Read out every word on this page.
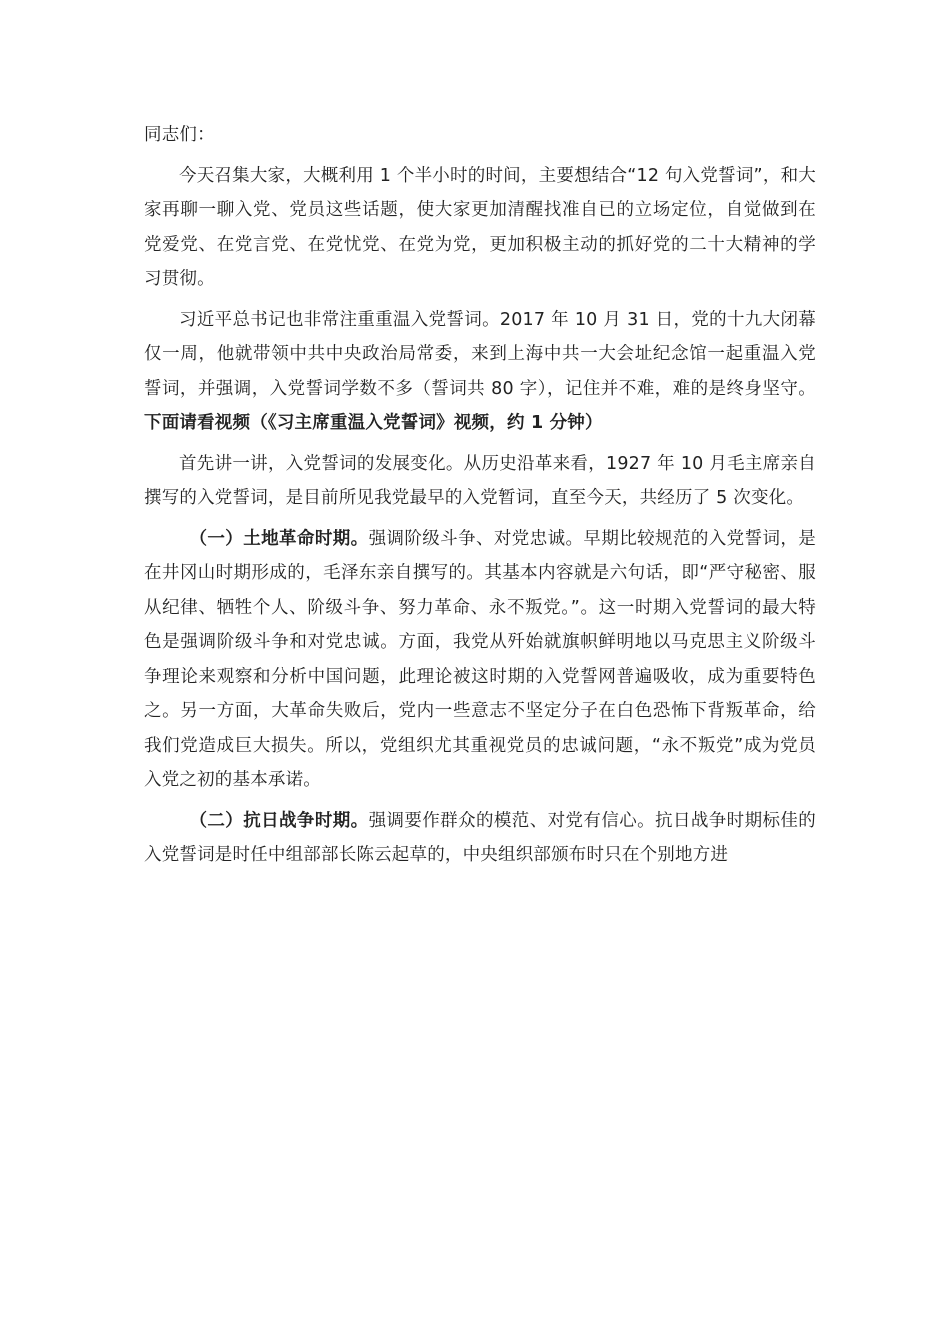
同志们：

今天召集大家，大概利用 1 个半小时的时间，主要想结合“12 句入党誓词”，和大家再聊一聊入党、党员这些话题，使大家更加清醒找准自已的立场定位，自觉做到在党爱党、在党言党、在党忧党、在党为党，更加积极主动的抓好党的二十大精神的学习贯彻。

习近平总书记也非常注重重温入党誓词。2017 年 10 月 31 日，党的十九大闭幕仅一周，他就带领中共中央政治局常委，来到上海中共一大会址纪念馆一起重温入党誓词，并强调，入党誓词学数不多（誓词共 80 字），记住并不难，难的是终身坚守。下面请看视频（《习主席重温入党誓词》视频，约 1 分钟）

首先讲一讲，入党誓词的发展变化。从历史沿革来看，1927 年 10 月毛主席亲自撰写的入党誓词，是目前所见我党最早的入党暂词，直至今天，共经历了 5 次变化。

（一）土地革命时期。强调阶级斗争、对党忠诚。早期比较规范的入党誓词，是在井冈山时期形成的，毛泽东亲自撰写的。其基本内容就是六句话，即“严守秘密、服从纪律、牺牲个人、阶级斗争、努力革命、永不叛党。”。这一时期入党誓词的最大特色是强调阶级斗争和对党忠诚。方面，我党从歼始就旗帜鲜明地以马克思主义阶级斗争理论来观察和分析中国问题，此理论被这时期的入党誓网普遍吸收，成为重要特色之。另一方面，大革命失败后，党内一些意志不坚定分子在白色恐怖下背叛革命，给我们党造成巨大损失。所以，党组织尤其重视党员的忠诚问题，“永不叛党”成为党员入党之初的基本承诺。

（二）抗日战争时期。强调要作群众的模范、对党有信心。抗日战争时期标佳的入党誓词是时任中组部部长陈云起草的，中央组织部颁布时只在个别地方进
